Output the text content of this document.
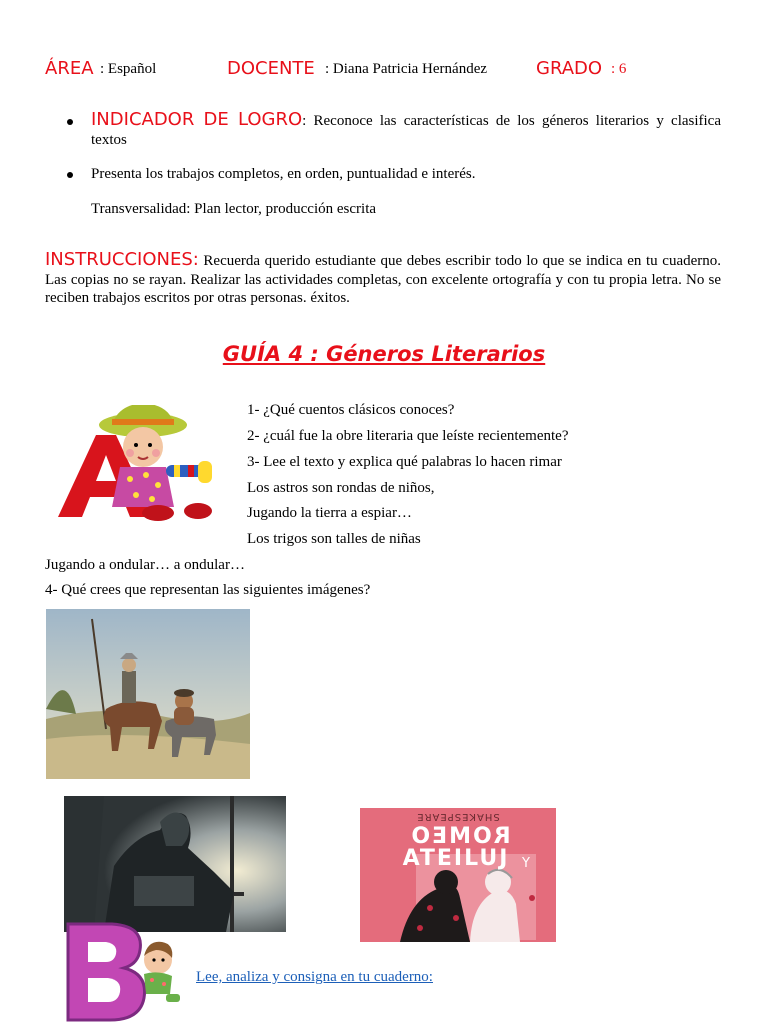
ÁREA : Español	DOCENTE : Diana Patricia Hernández	GRADO : 6
INDICADOR DE LOGRO: Reconoce las características de los géneros literarios y clasifica textos
Presenta los trabajos completos, en orden, puntualidad e interés.
Transversalidad: Plan lector, producción escrita
INSTRUCCIONES: Recuerda querido estudiante que debes escribir todo lo que se indica en tu cuaderno. Las copias no se rayan. Realizar las actividades completas, con excelente ortografía y con tu propia letra. No se reciben trabajos escritos por otras personas. éxitos.
GUÍA 4 : Géneros Literarios
1- ¿Qué cuentos clásicos conoces?
2- ¿cuál fue la obre literaria que leíste recientemente?
3- Lee el texto y explica qué palabras lo hacen rimar
Los astros son rondas de niños,
Jugando la tierra a espiar…
Los trigos son talles de niñas
Jugando a ondular… a ondular…
4- Qué crees que representan las siguientes imágenes?
SHAKESPEARE
ROMEO
ATEILUJ Y
Lee, analiza y consigna en tu cuaderno:
